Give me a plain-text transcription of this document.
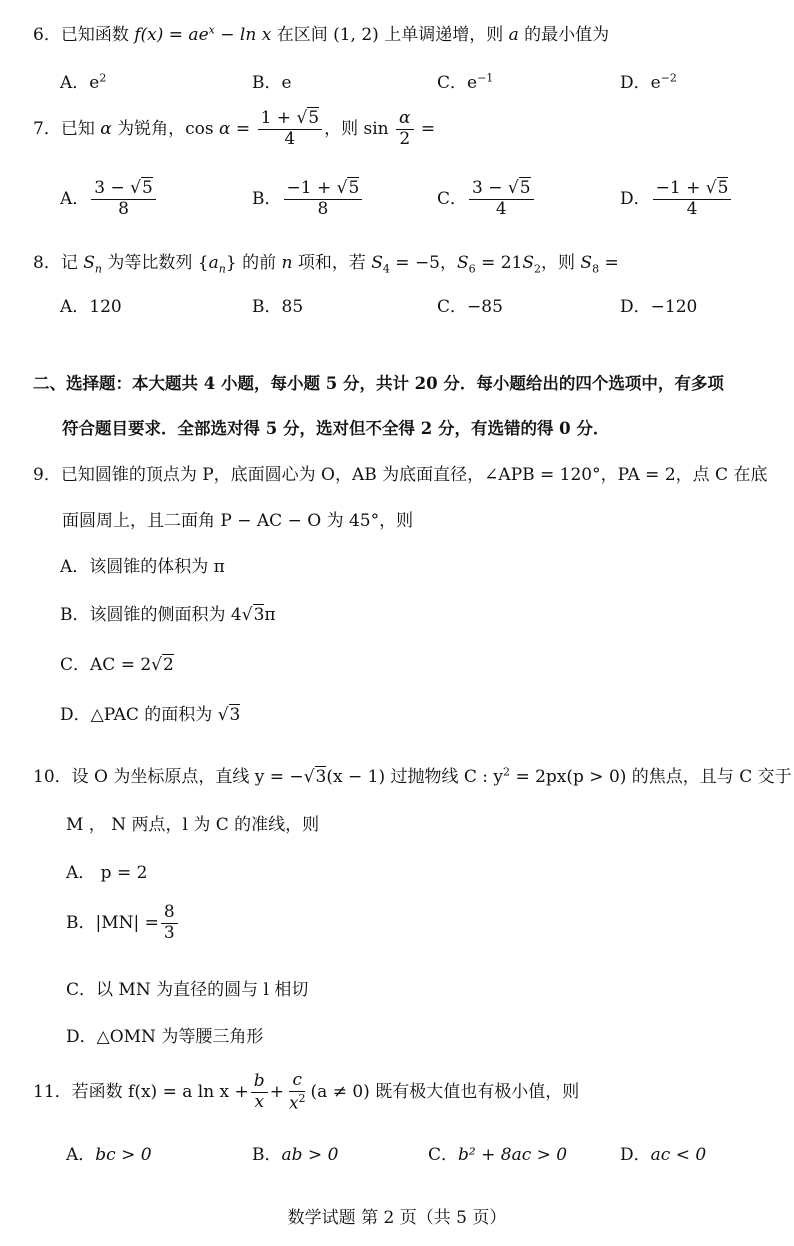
6．已知函数 $f(x) = ae^x - \ln x$ 在区间 (1, 2) 上单调递增，则 a 的最小值为
A．$e^2$	B．e	C．$e^{-1}$	D．$e^{-2}$
7．已知 α 为锐角，$\cos \alpha = \frac{1 + √5}{4}$ ，则 $\sin \frac{\alpha}{2}$ =
A． $\frac{3 - √5}{8}$	B． $\frac{-1 + √5}{8}$	C． $\frac{3 - √5}{4}$	D． $\frac{-1 + √5}{4}$
8．记 $S_n$ 为等比数列 $\{a_n\}$ 的前 n 项和，若 $S_4 = -5$，$S_6 = 21S_2$，则 $S_8$ =
A．120	B．85	C．−85	D．−120
二、选择题：本大题共 4 小题，每小题 5 分，共计 20 分．每小题给出的四个选项中，有多项
符合题目要求．全部选对得 5 分，选对但不全得 2 分，有选错的得 0 分．
9．已知圆锥的顶点为 P，底面圆心为 O，AB 为底面直径，∠APB = 120°，PA = 2，点 C 在底
面圆周上，且二面角 P − AC − O 为 45°，则
A．该圆锥的体积为 π
B．该圆锥的侧面积为 4√3π
C．AC = 2√2
D．△PAC 的面积为 √3
10．设 O 为坐标原点，直线 y = −√3(x − 1) 过抛物线 C : $y^2 = 2px(p > 0)$ 的焦点，且与 C 交于
M ， N 两点，l 为 C 的准线，则
A． p = 2
B．$|MN| = \frac{8}{3}$
C．以 MN 为直径的圆与 l 相切
D．△OMN 为等腰三角形
11．若函数 f(x) = a $\ln x + \frac{b}{x} + \frac{c}{x^2} (a \ne 0)$ 既有极大值也有极小值，则
A．bc > 0	B．ab > 0	C．b² + 8ac > 0	D．ac < 0
数学试题 第 2 页（共 5 页）
